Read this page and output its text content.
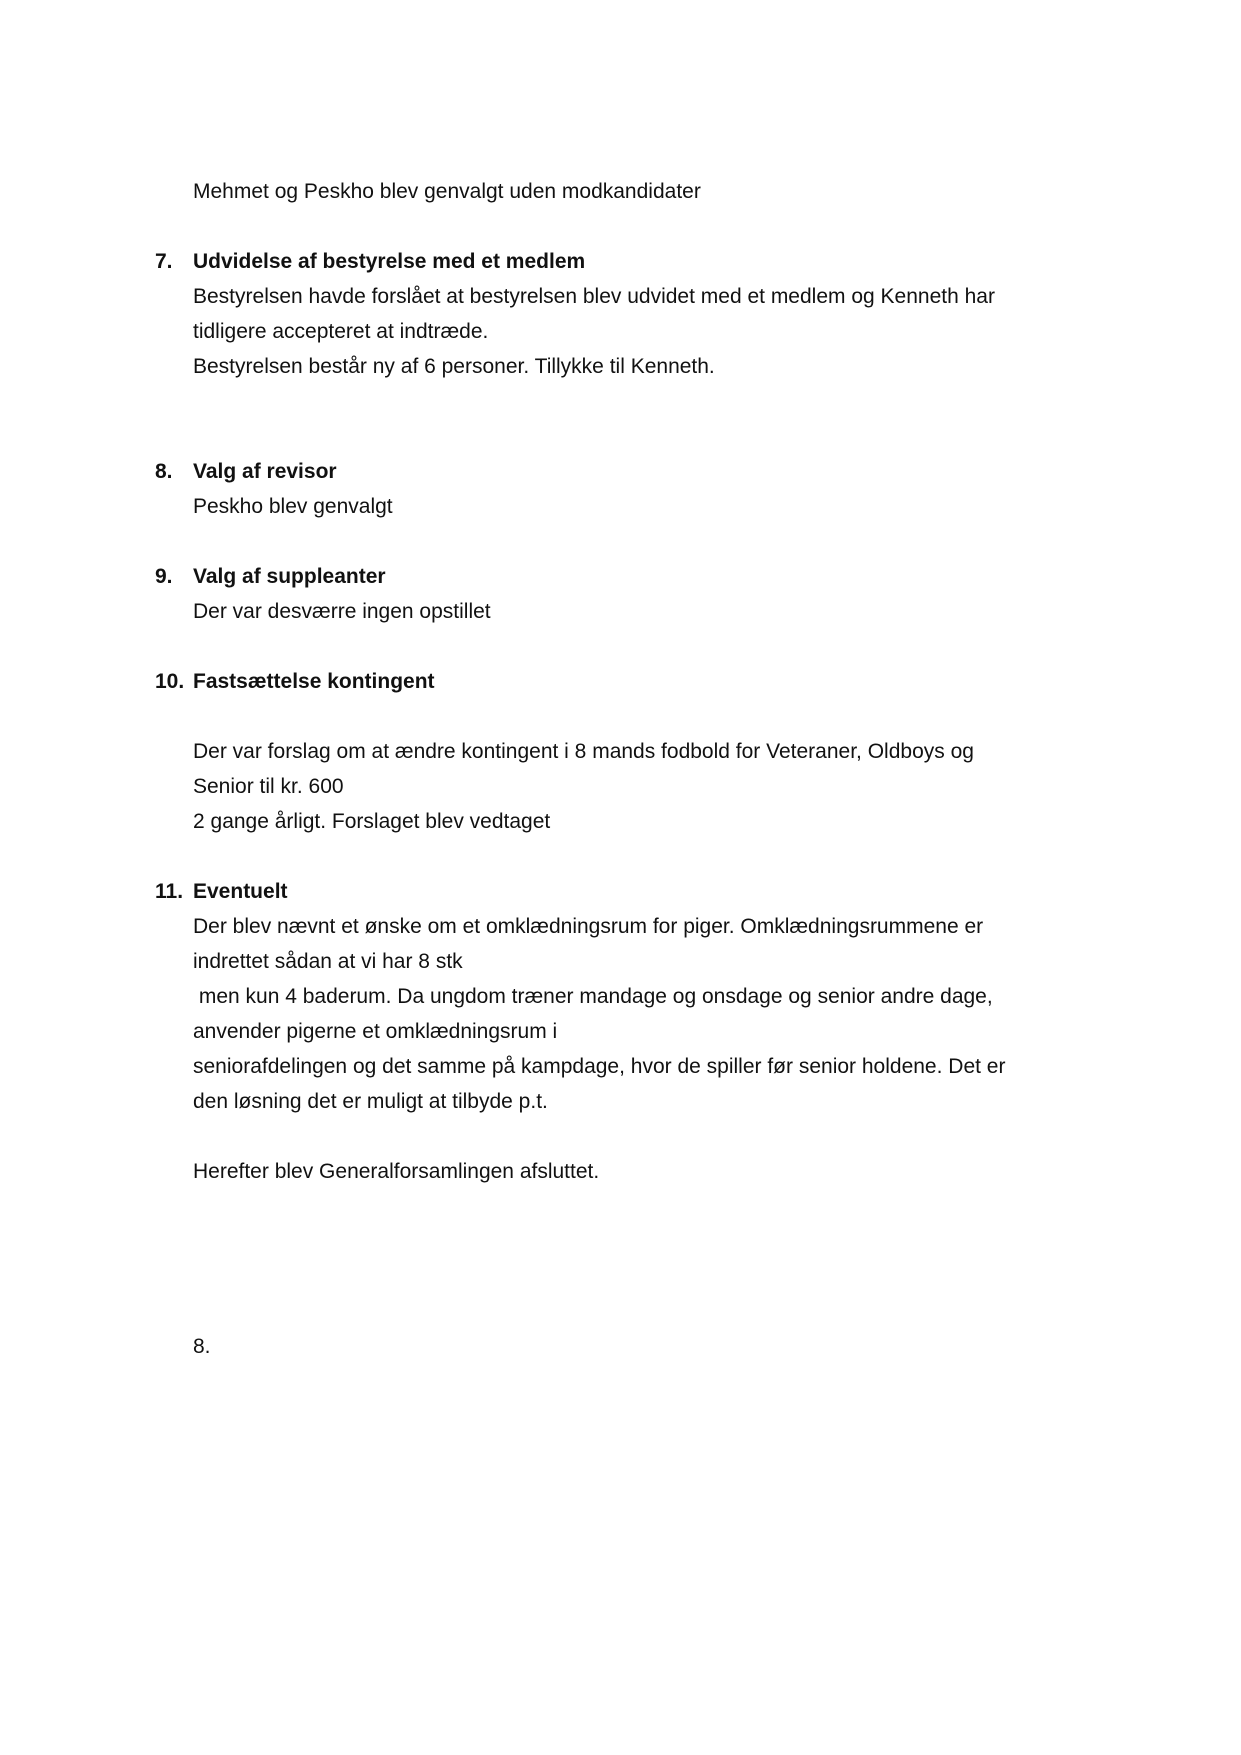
Mehmet og Peskho blev genvalgt uden modkandidater
7. Udvidelse af bestyrelse med et medlem
Bestyrelsen havde forslået at bestyrelsen blev udvidet med et medlem og Kenneth har
tidligere accepteret at indtræde.
Bestyrelsen består ny af 6 personer. Tillykke til Kenneth.
8. Valg af revisor
Peskho blev genvalgt
9. Valg af suppleanter
Der var desværre ingen opstillet
10. Fastsættelse kontingent
Der var forslag om at ændre kontingent i 8 mands fodbold for Veteraner, Oldboys og
Senior til kr. 600
2 gange årligt. Forslaget blev vedtaget
11. Eventuelt
Der blev nævnt et ønske om et omklædningsrum for piger. Omklædningsrummene er
indrettet sådan at vi har 8 stk
men kun 4 baderum. Da ungdom træner mandage og onsdage og senior andre dage,
anvender pigerne et omklædningsrum i
seniorafdelingen og det samme på kampdage, hvor de spiller før senior holdene. Det er
den løsning det er muligt at tilbyde p.t.
Herefter blev Generalforsamlingen afsluttet.
8.
